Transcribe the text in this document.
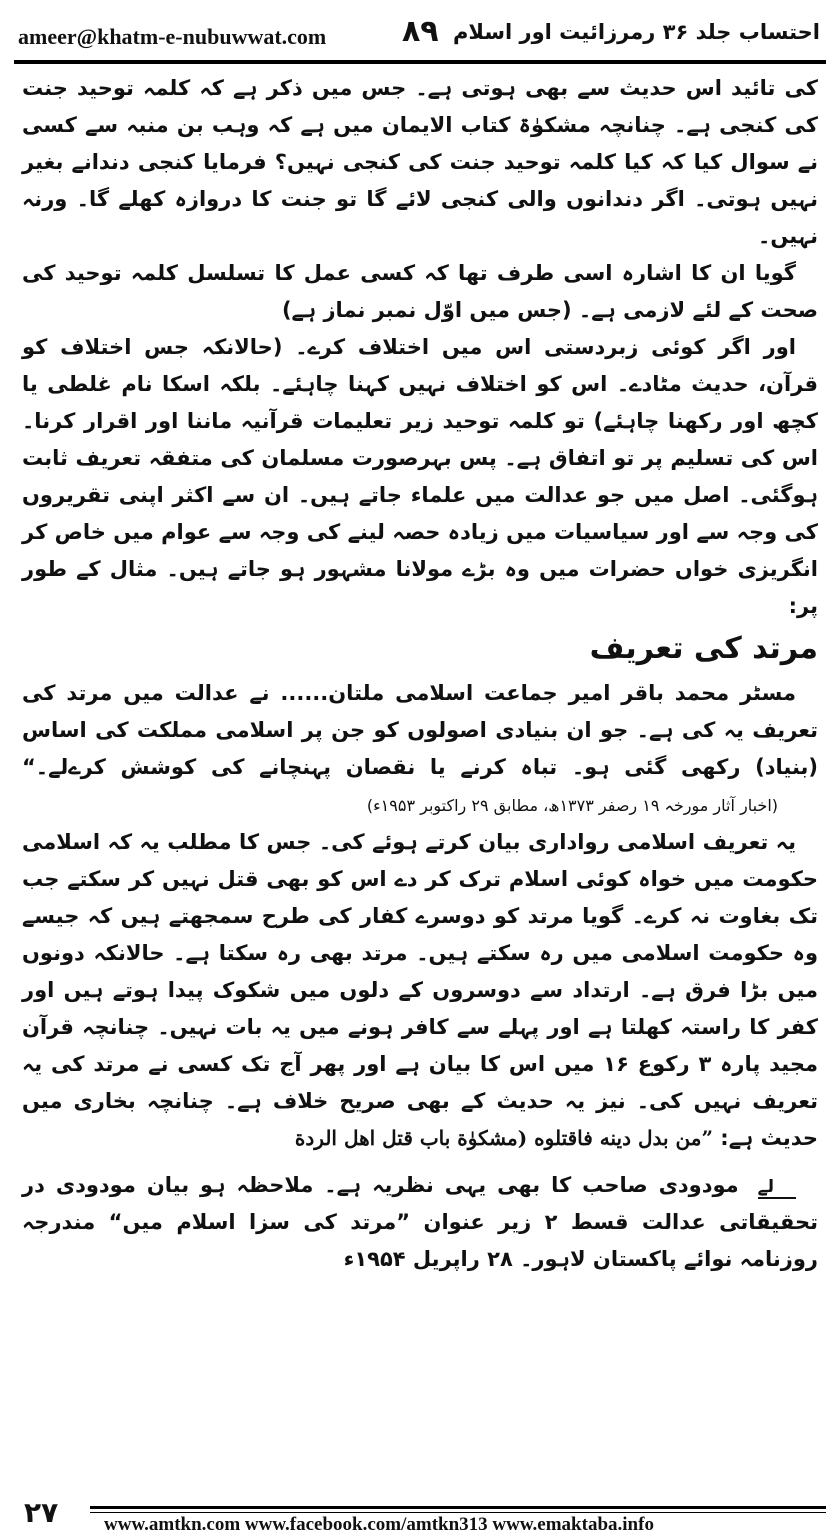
ameer@khatm-e-nubuwwat.com	۸۹ احتساب جلد ۳۶ رمرزائیت اور اسلام

کی تائید اس حدیث سے بھی ہوتی ہے۔ جس میں ذکر ہے کہ کلمہ توحید جنت کی کنجی ہے۔ چنانچہ مشکوٰۃ کتاب الایمان میں ہے کہ وہب بن منبہ سے کسی نے سوال کیا کہ کیا کلمہ توحید جنت کی کنجی نہیں؟ فرمایا کنجی دندانے بغیر نہیں ہوتی۔ اگر دندانوں والی کنجی لائے گا تو جنت کا دروازہ کھلے گا۔ ورنہ نہیں۔

گویا ان کا اشارہ اسی طرف تھا کہ کسی عمل کا تسلسل کلمہ توحید کی صحت کے لئے لازمی ہے۔ (جس میں اوّل نمبر نماز ہے)

اور اگر کوئی زبردستی اس میں اختلاف کرے۔ (حالانکہ جس اختلاف کو قرآن، حدیث مٹادے۔ اس کو اختلاف نہیں کہنا چاہئے۔ بلکہ اسکا نام غلطی یا کچھ اور رکھنا چاہئے) تو کلمہ توحید زیر تعلیمات قرآنیہ ماننا اور اقرار کرنا۔ اس کی تسلیم پر تو اتفاق ہے۔ پس بہرصورت مسلمان کی متفقہ تعریف ثابت ہوگئی۔ اصل میں جو عدالت میں علماء جاتے ہیں۔ ان سے اکثر اپنی تقریروں کی وجہ سے اور سیاسیات میں زیادہ حصہ لینے کی وجہ سے عوام میں خاص کر انگریزی خواں حضرات میں وہ بڑے مولانا مشہور ہو جاتے ہیں۔ مثال کے طور پر:

مرتد کی تعریف

مسٹر محمد باقر امیر جماعت اسلامی ملتان...... نے عدالت میں مرتد کی تعریف یہ کی ہے۔ جو ان بنیادی اصولوں کو جن پر اسلامی مملکت کی اساس (بنیاد) رکھی گئی ہو۔ تباہ کرنے یا نقصان پہنچانے کی کوشش کرےلے۔“ (اخبار آثار مورخہ ۱۹ رصفر ۱۳۷۳ھ، مطابق ۲۹ راکتوبر ۱۹۵۳ء)

یہ تعریف اسلامی رواداری بیان کرتے ہوئے کی۔ جس کا مطلب یہ کہ اسلامی حکومت میں خواہ کوئی اسلام ترک کر دے اس کو بھی قتل نہیں کر سکتے جب تک بغاوت نہ کرے۔ گویا مرتد کو دوسرے کفار کی طرح سمجھتے ہیں کہ جیسے وہ حکومت اسلامی میں رہ سکتے ہیں۔ مرتد بھی رہ سکتا ہے۔ حالانکہ دونوں میں بڑا فرق ہے۔ ارتداد سے دوسروں کے دلوں میں شکوک پیدا ہوتے ہیں اور کفر کا راستہ کھلتا ہے اور پہلے سے کافر ہونے میں یہ بات نہیں۔ چنانچہ قرآن مجید پارہ ۳ رکوع ۱۶ میں اس کا بیان ہے اور پھر آج تک کسی نے مرتد کی یہ تعریف نہیں کی۔ نیز یہ حدیث کے بھی صریح خلاف ہے۔ چنانچہ بخاری میں حدیث ہے: ”من بدل دینه فاقتلوه (مشکوٰة باب قتل اهل الردة

لے مودودی صاحب کا بھی یہی نظریہ ہے۔ ملاحظہ ہو بیان مودودی در تحقیقاتی عدالت قسط ۲ زیر عنوان ”مرتد کی سزا اسلام میں“ مندرجہ روزنامہ نوائے پاکستان لاہور۔ ۲۸ راپریل ۱۹۵۴ء

۲۷ www.amtkn.com www.facebook.com/amtkn313 www.emaktaba.info
